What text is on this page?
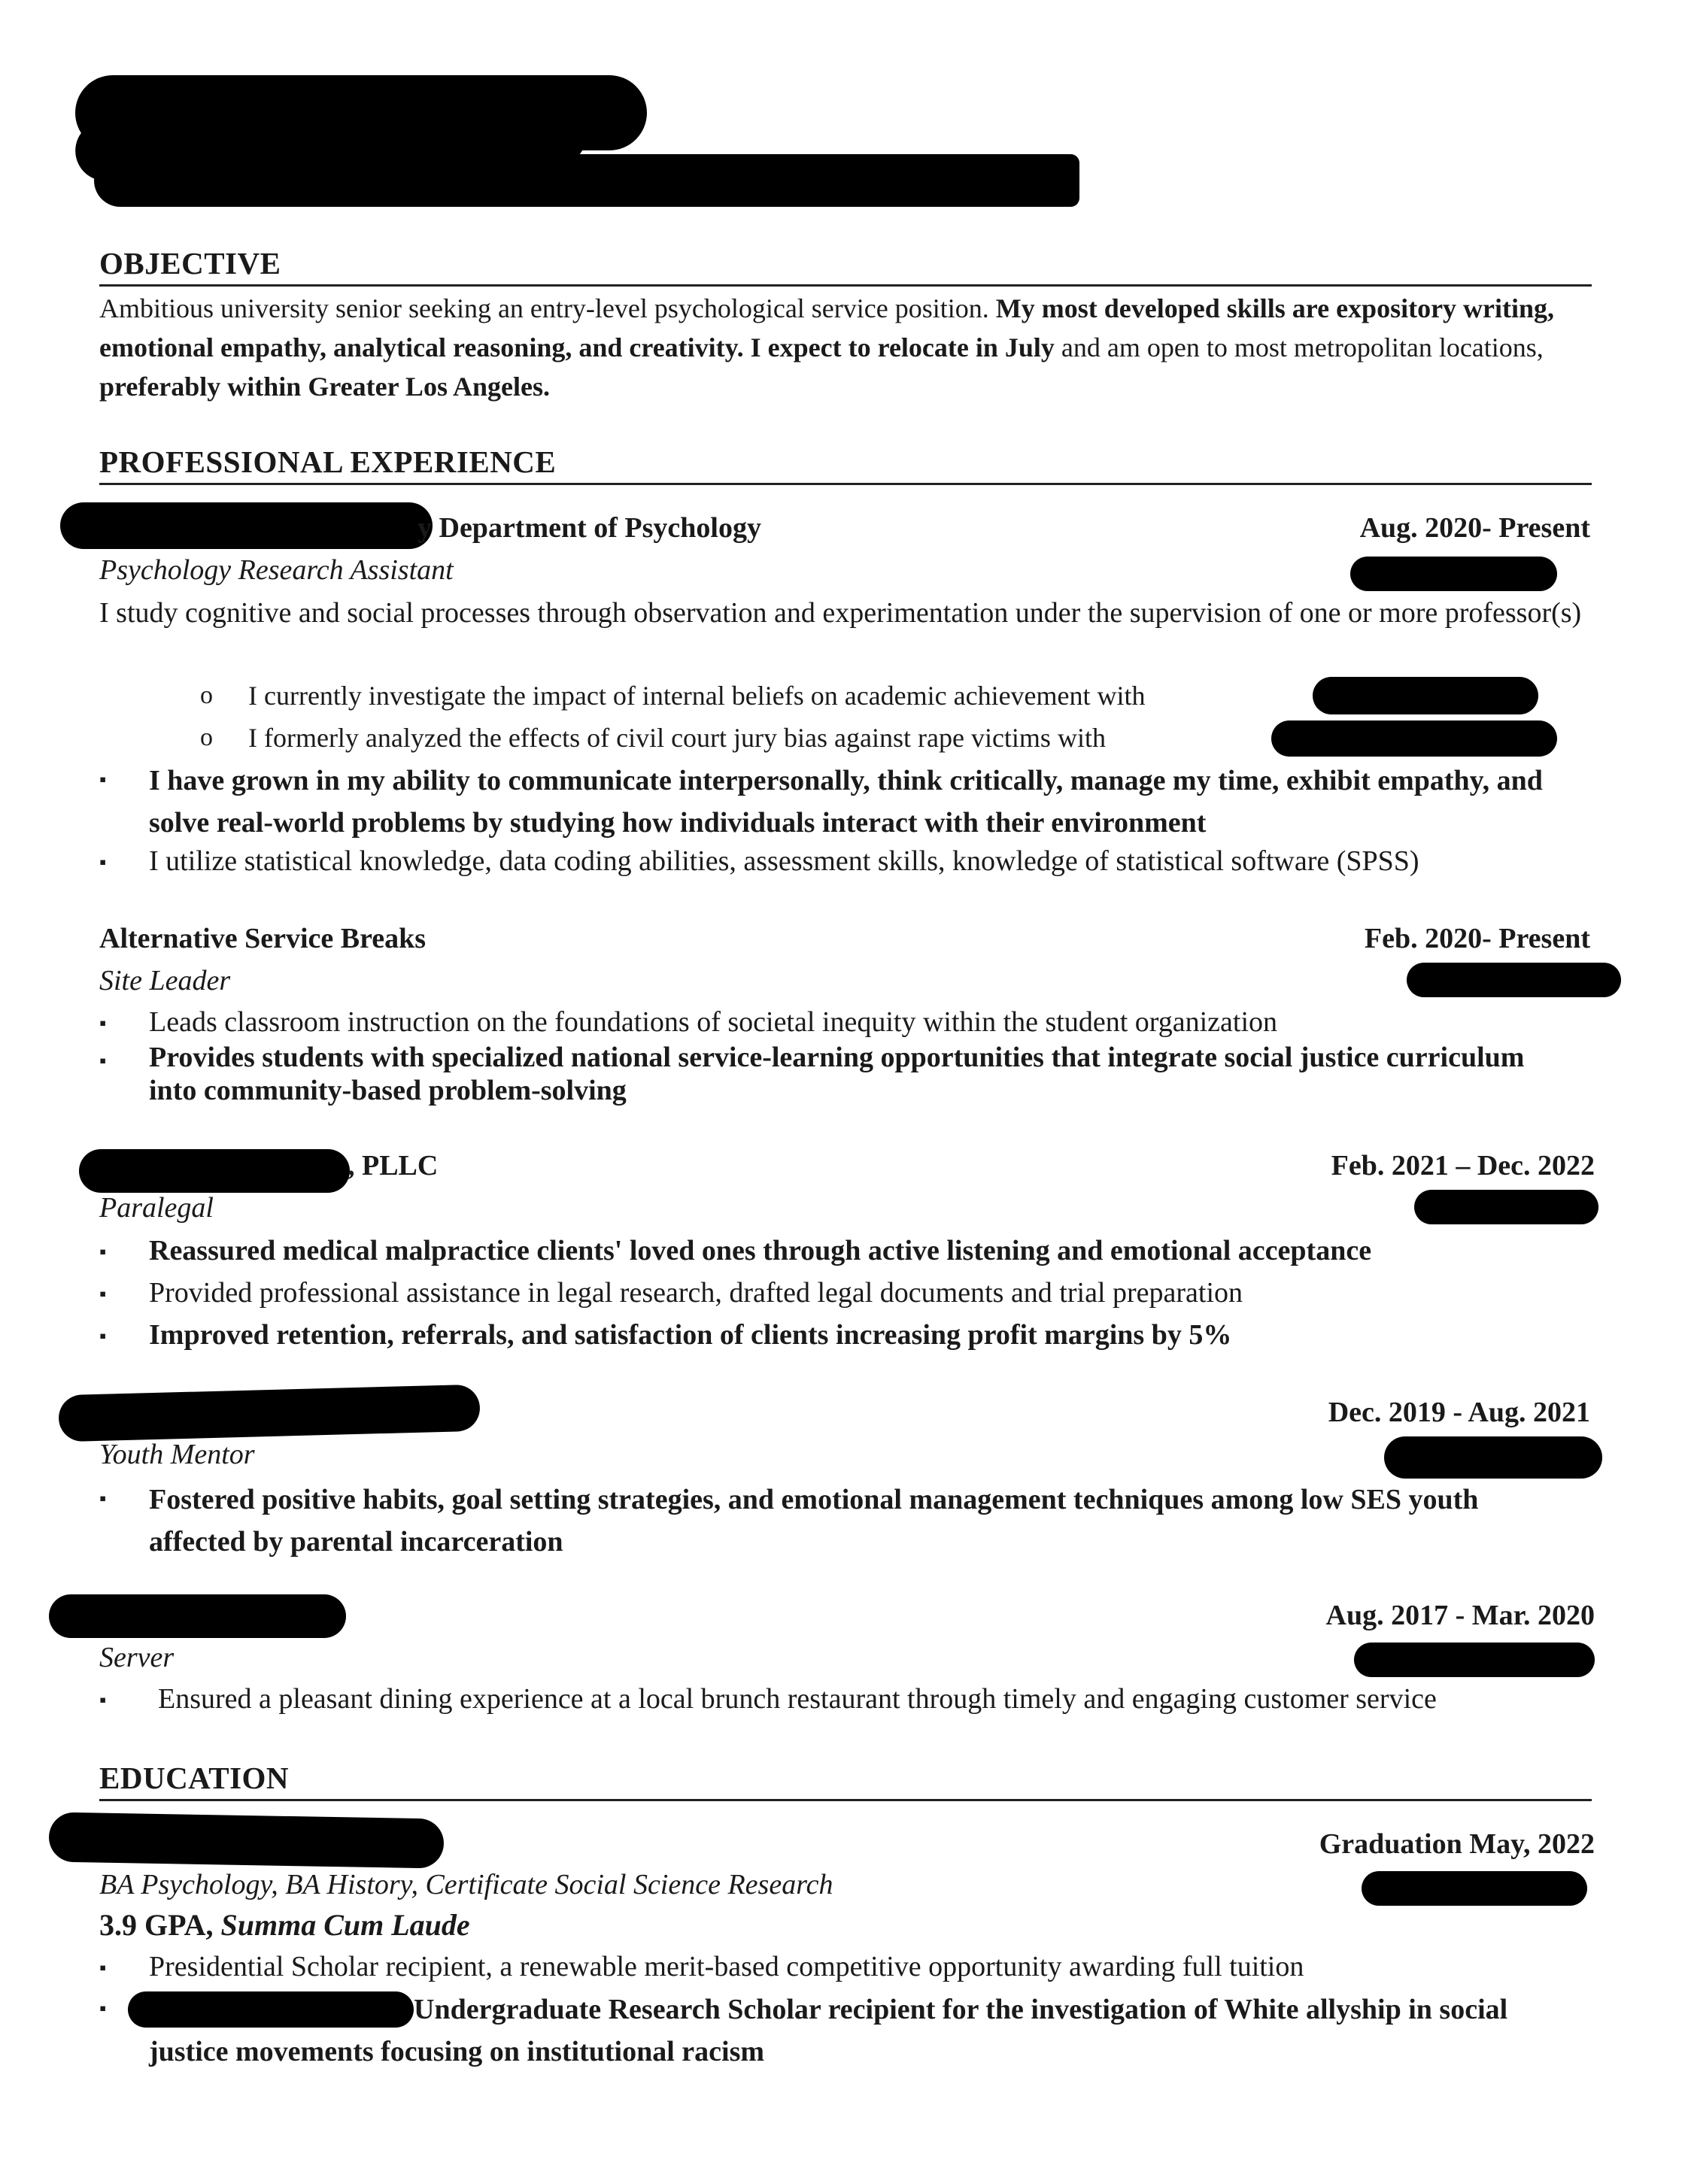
OBJECTIVE
Ambitious university senior seeking an entry-level psychological service position. My most developed skills are expository writing, emotional empathy, analytical reasoning, and creativity. I expect to relocate in July and am open to most metropolitan locations, preferably within Greater Los Angeles.
PROFESSIONAL EXPERIENCE
y Department of Psychology	Aug. 2020- Present
Psychology Research Assistant
I study cognitive and social processes through observation and experimentation under the supervision of one or more professor(s)
o I currently investigate the impact of internal beliefs on academic achievement with
o I formerly analyzed the effects of civil court jury bias against rape victims with
▪ I have grown in my ability to communicate interpersonally, think critically, manage my time, exhibit empathy, and solve real-world problems by studying how individuals interact with their environment
▪ I utilize statistical knowledge, data coding abilities, assessment skills, knowledge of statistical software (SPSS)
Alternative Service Breaks	Feb. 2020- Present
Site Leader
▪ Leads classroom instruction on the foundations of societal inequity within the student organization
▪ Provides students with specialized national service-learning opportunities that integrate social justice curriculum into community-based problem-solving
, PLLC	Feb. 2021 – Dec. 2022
Paralegal
▪ Reassured medical malpractice clients' loved ones through active listening and emotional acceptance
▪ Provided professional assistance in legal research, drafted legal documents and trial preparation
▪ Improved retention, referrals, and satisfaction of clients increasing profit margins by 5%
Dec. 2019 - Aug. 2021
Youth Mentor
▪ Fostered positive habits, goal setting strategies, and emotional management techniques among low SES youth affected by parental incarceration
Aug. 2017 - Mar. 2020
Server
▪ Ensured a pleasant dining experience at a local brunch restaurant through timely and engaging customer service
EDUCATION
Graduation May, 2022
BA Psychology, BA History, Certificate Social Science Research
3.9 GPA, Summa Cum Laude
▪ Presidential Scholar recipient, a renewable merit-based competitive opportunity awarding full tuition
▪	Undergraduate Research Scholar recipient for the investigation of White allyship in social justice movements focusing on institutional racism
